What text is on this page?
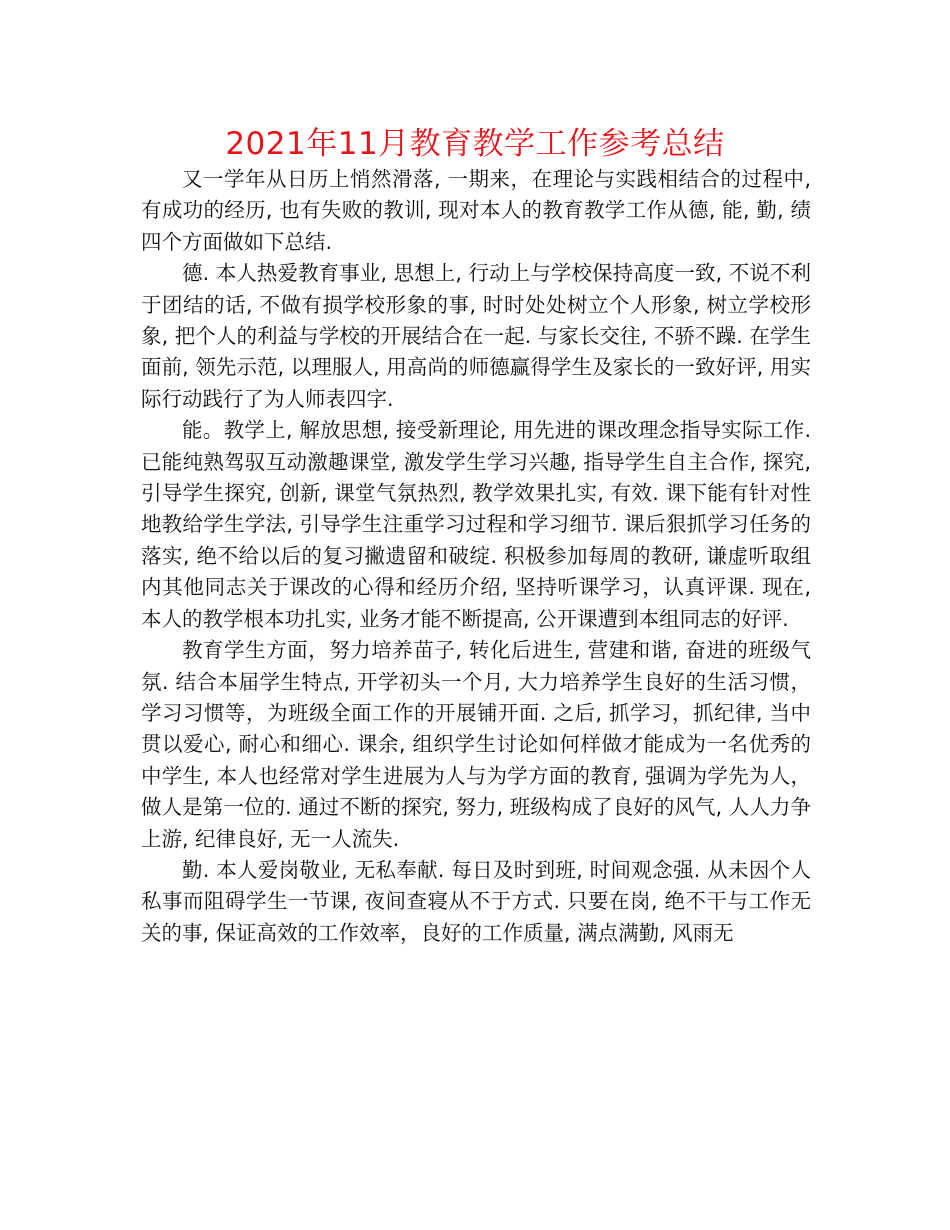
2021年11月教育教学工作参考总结

又一学年从日历上悄然滑落, 一期来，在理论与实践相结合的过程中, 有成功的经历, 也有失败的教训, 现对本人的教育教学工作从德, 能, 勤, 绩四个方面做如下总结.

德. 本人热爱教育事业, 思想上, 行动上与学校保持高度一致, 不说不利于团结的话, 不做有损学校形象的事, 时时处处树立个人形象, 树立学校形象, 把个人的利益与学校的开展结合在一起. 与家长交往, 不骄不躁. 在学生面前, 领先示范, 以理服人, 用高尚的师德赢得学生及家长的一致好评, 用实际行动践行了为人师表四字.

能。教学上, 解放思想, 接受新理论, 用先进的课改理念指导实际工作. 已能纯熟驾驭互动激趣课堂, 激发学生学习兴趣, 指导学生自主合作, 探究, 引导学生探究, 创新, 课堂气氛热烈, 教学效果扎实, 有效. 课下能有针对性地教给学生学法, 引导学生注重学习过程和学习细节. 课后狠抓学习任务的落实, 绝不给以后的复习撇遗留和破绽. 积极参加每周的教研, 谦虚听取组内其他同志关于课改的心得和经历介绍, 坚持听课学习，认真评课. 现在, 本人的教学根本功扎实, 业务才能不断提高, 公开课遭到本组同志的好评.

教育学生方面，努力培养苗子, 转化后进生, 营建和谐, 奋进的班级气氛. 结合本届学生特点, 开学初头一个月, 大力培养学生良好的生活习惯，学习习惯等，为班级全面工作的开展铺开面. 之后, 抓学习，抓纪律, 当中贯以爱心, 耐心和细心. 课余, 组织学生讨论如何样做才能成为一名优秀的中学生, 本人也经常对学生进展为人与为学方面的教育, 强调为学先为人，做人是第一位的. 通过不断的探究, 努力, 班级构成了良好的风气, 人人力争上游, 纪律良好, 无一人流失.

勤. 本人爱岗敬业, 无私奉献. 每日及时到班, 时间观念强. 从未因个人私事而阻碍学生一节课, 夜间查寝从不于方式. 只要在岗, 绝不干与工作无关的事, 保证高效的工作效率，良好的工作质量, 满点满勤, 风雨无
